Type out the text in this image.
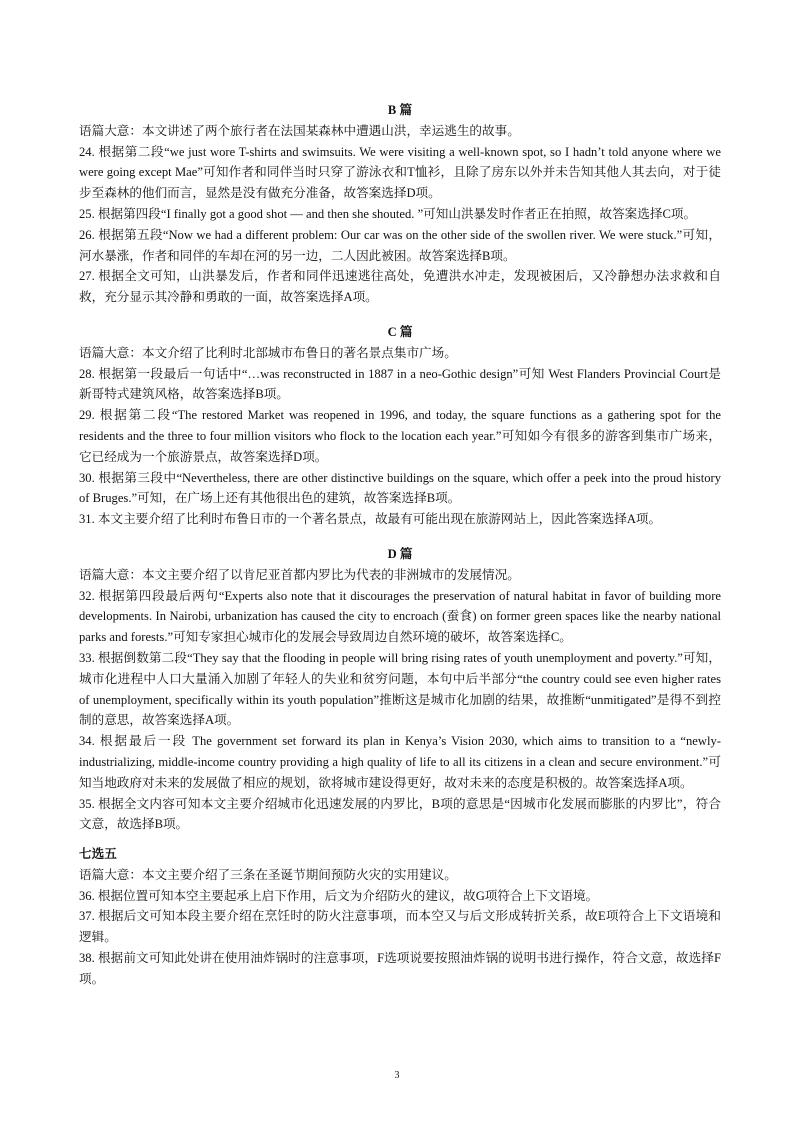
B 篇

语篇大意：本文讲述了两个旅行者在法国某森林中遭遇山洪，幸运逃生的故事。

24. 根据第二段“we just wore T-shirts and swimsuits. We were visiting a well-known spot, so I hadn’t told anyone where we were going except Mae”可知作者和同伴当时只穿了游泳衣和T恤衫，且除了房东以外并未告知其他人其去向，对于徒步至森林的他们而言，显然是没有做充分准备，故答案选择D项。

25. 根据第四段“I finally got a good shot — and then she shouted. ”可知山洪暴发时作者正在拍照，故答案选择C项。

26. 根据第五段“Now we had a different problem: Our car was on the other side of the swollen river. We were stuck.”可知，河水暴涨，作者和同伴的车却在河的另一边，二人因此被困。故答案选择B项。

27. 根据全文可知，山洪暴发后，作者和同伴迅速逃往高处，免遭洪水冲走，发现被困后，又冷静想办法求救和自救，充分显示其冷静和勇敢的一面，故答案选择A项。

C 篇

语篇大意：本文介绍了比利时北部城市布鲁日的著名景点集市广场。

28. 根据第一段最后一句话中“…was reconstructed in 1887 in a neo-Gothic design”可知 West Flanders Provincial Court是新哥特式建筑风格，故答案选择B项。

29. 根据第二段“The restored Market was reopened in 1996, and today, the square functions as a gathering spot for the residents and the three to four million visitors who flock to the location each year.”可知如今有很多的游客到集市广场来，它已经成为一个旅游景点，故答案选择D项。

30. 根据第三段中“Nevertheless, there are other distinctive buildings on the square, which offer a peek into the proud history of Bruges.”可知，在广场上还有其他很出色的建筑，故答案选择B项。

31. 本文主要介绍了比利时布鲁日市的一个著名景点，故最有可能出现在旅游网站上，因此答案选择A项。

D 篇

语篇大意：本文主要介绍了以肯尼亚首都内罗比为代表的非洲城市的发展情况。

32. 根据第四段最后两句“Experts also note that it discourages the preservation of natural habitat in favor of building more developments. In Nairobi, urbanization has caused the city to encroach (蚕食) on former green spaces like the nearby national parks and forests.”可知专家担心城市化的发展会导致周边自然环境的破坏，故答案选择C。

33. 根据倒数第二段“They say that the flooding in people will bring rising rates of youth unemployment and poverty.”可知，城市化进程中人口大量涌入加剧了年轻人的失业和贫穷问题，本句中后半部分“the country could see even higher rates of unemployment, specifically within its youth population”推断这是城市化加剧的结果，故推断“unmitigated”是得不到控制的意思，故答案选择A项。

34. 根据最后一段 The government set forward its plan in Kenya’s Vision 2030, which aims to transition to a “newly-industrializing, middle-income country providing a high quality of life to all its citizens in a clean and secure environment.”可知当地政府对未来的发展做了相应的规划，欲将城市建设得更好，故对未来的态度是积极的。故答案选择A项。

35. 根据全文内容可知本文主要介绍城市化迅速发展的内罗比，B项的意思是“因城市化发展而膨胀的内罗比”，符合文意，故选择B项。

七选五

语篇大意：本文主要介绍了三条在圣诞节期间预防火灾的实用建议。

36. 根据位置可知本空主要起承上启下作用，后文为介绍防火的建议，故G项符合上下文语境。

37. 根据后文可知本段主要介绍在烹饪时的防火注意事项，而本空又与后文形成转折关系，故E项符合上下文语境和逻辑。

38. 根据前文可知此处讲在使用油炸锅时的注意事项，F选项说要按照油炸锅的说明书进行操作，符合文意，故选择F项。

3
